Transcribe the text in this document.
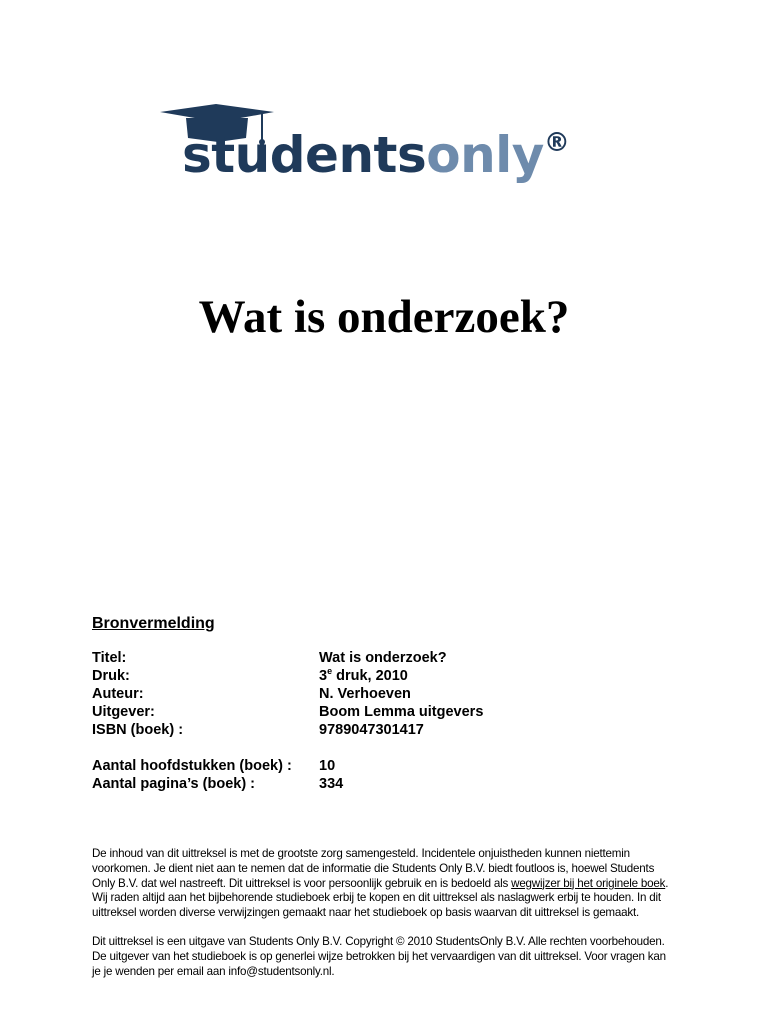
studentsonly®
Wat is onderzoek?
Bronvermelding
Titel:	Wat is onderzoek?
Druk:	3e druk, 2010
Auteur:	N. Verhoeven
Uitgever:	Boom Lemma uitgevers
ISBN (boek) :	9789047301417
Aantal hoofdstukken (boek) : 10
Aantal pagina’s (boek) :	334
De inhoud van dit uittreksel is met de grootste zorg samengesteld. Incidentele onjuistheden kunnen niettemin voorkomen. Je dient niet aan te nemen dat de informatie die Students Only B.V. biedt foutloos is, hoewel Students Only B.V. dat wel nastreeft. Dit uittreksel is voor persoonlijk gebruik en is bedoeld als wegwijzer bij het originele boek. Wij raden altijd aan het bijbehorende studieboek erbij te kopen en dit uittreksel als naslagwerk erbij te houden. In dit uittreksel worden diverse verwijzingen gemaakt naar het studieboek op basis waarvan dit uittreksel is gemaakt.
Dit uittreksel is een uitgave van Students Only B.V. Copyright © 2010 StudentsOnly B.V. Alle rechten voorbehouden. De uitgever van het studieboek is op generlei wijze betrokken bij het vervaardigen van dit uittreksel. Voor vragen kan je je wenden per email aan info@studentsonly.nl.
